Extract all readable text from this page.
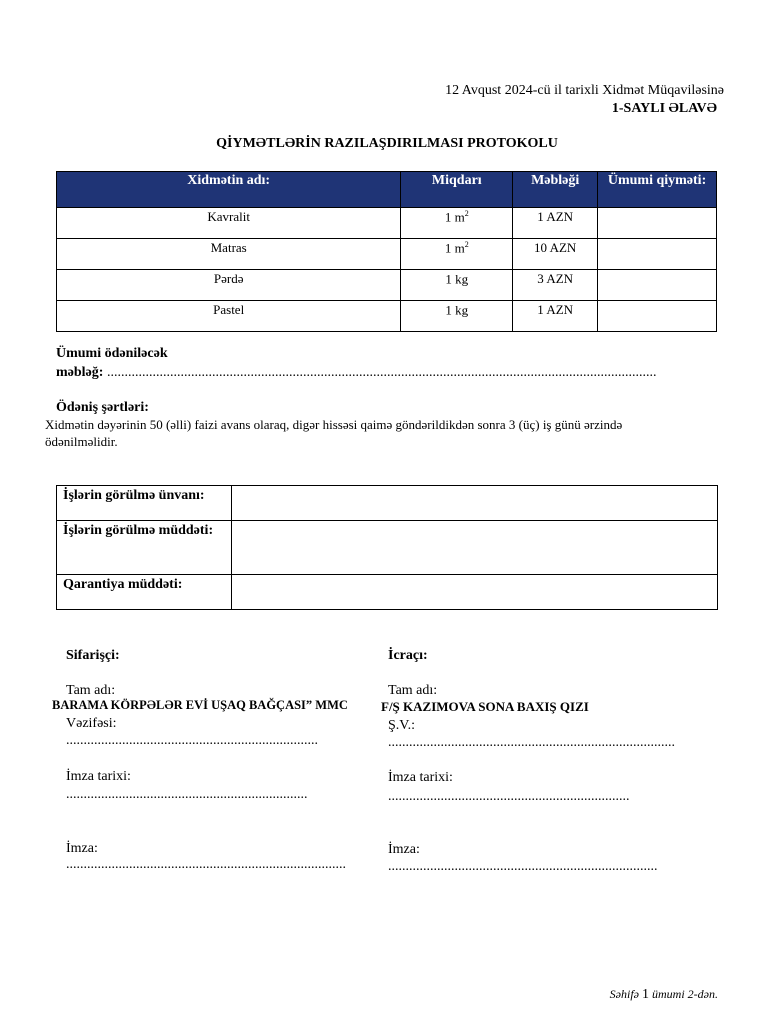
12 Avqust 2024-cü il tarixli Xidmət Müqaviləsinə
1-SAYLI ƏLAVƏ
QİYMƏTLƏRİN RAZILAŞDIRILMASI PROTOKOLU
Xidmətin adı:	Miqdarı	Məbləği	Ümumi qiymәti:
Kavralit	1 $m^2$	1 AZN	
Matras	1 $m^2$	10 AZN	
Pərdə	1 kg	3 AZN	
Pastel	1 kg	1 AZN	
Ümumi ödəniləcək
məbləğ: .............................................................................................................................................................
Ödəniş şərtləri:
Xidmətin dəyərinin 50 (əlli) faizi avans olaraq, digər hissəsi qaimə göndərildikdən sonra 3 (üç) iş günü ərzində
ödənilməlidir.
İşlərin görülmə ünvanı:	
İşlərin görülmə müddəti:	
Qarantiya müddəti:	
Sifarişçi:
Tam adı:
BARAMA KÖRPƏLƏR EVİ UŞAQ BAĞÇASI” MMC
Vəzifəsi:
........................................................................
İmza tarixi:
.....................................................................
İmza:
................................................................................
İcraçı:
Tam adı:
F/Ş KAZIMOVA SONA BAXIŞ QIZI
Ş.V.:
..................................................................................
İmza tarixi:
.....................................................................
İmza:
.............................................................................
Səhifə 1 ümumi 2-dən.
